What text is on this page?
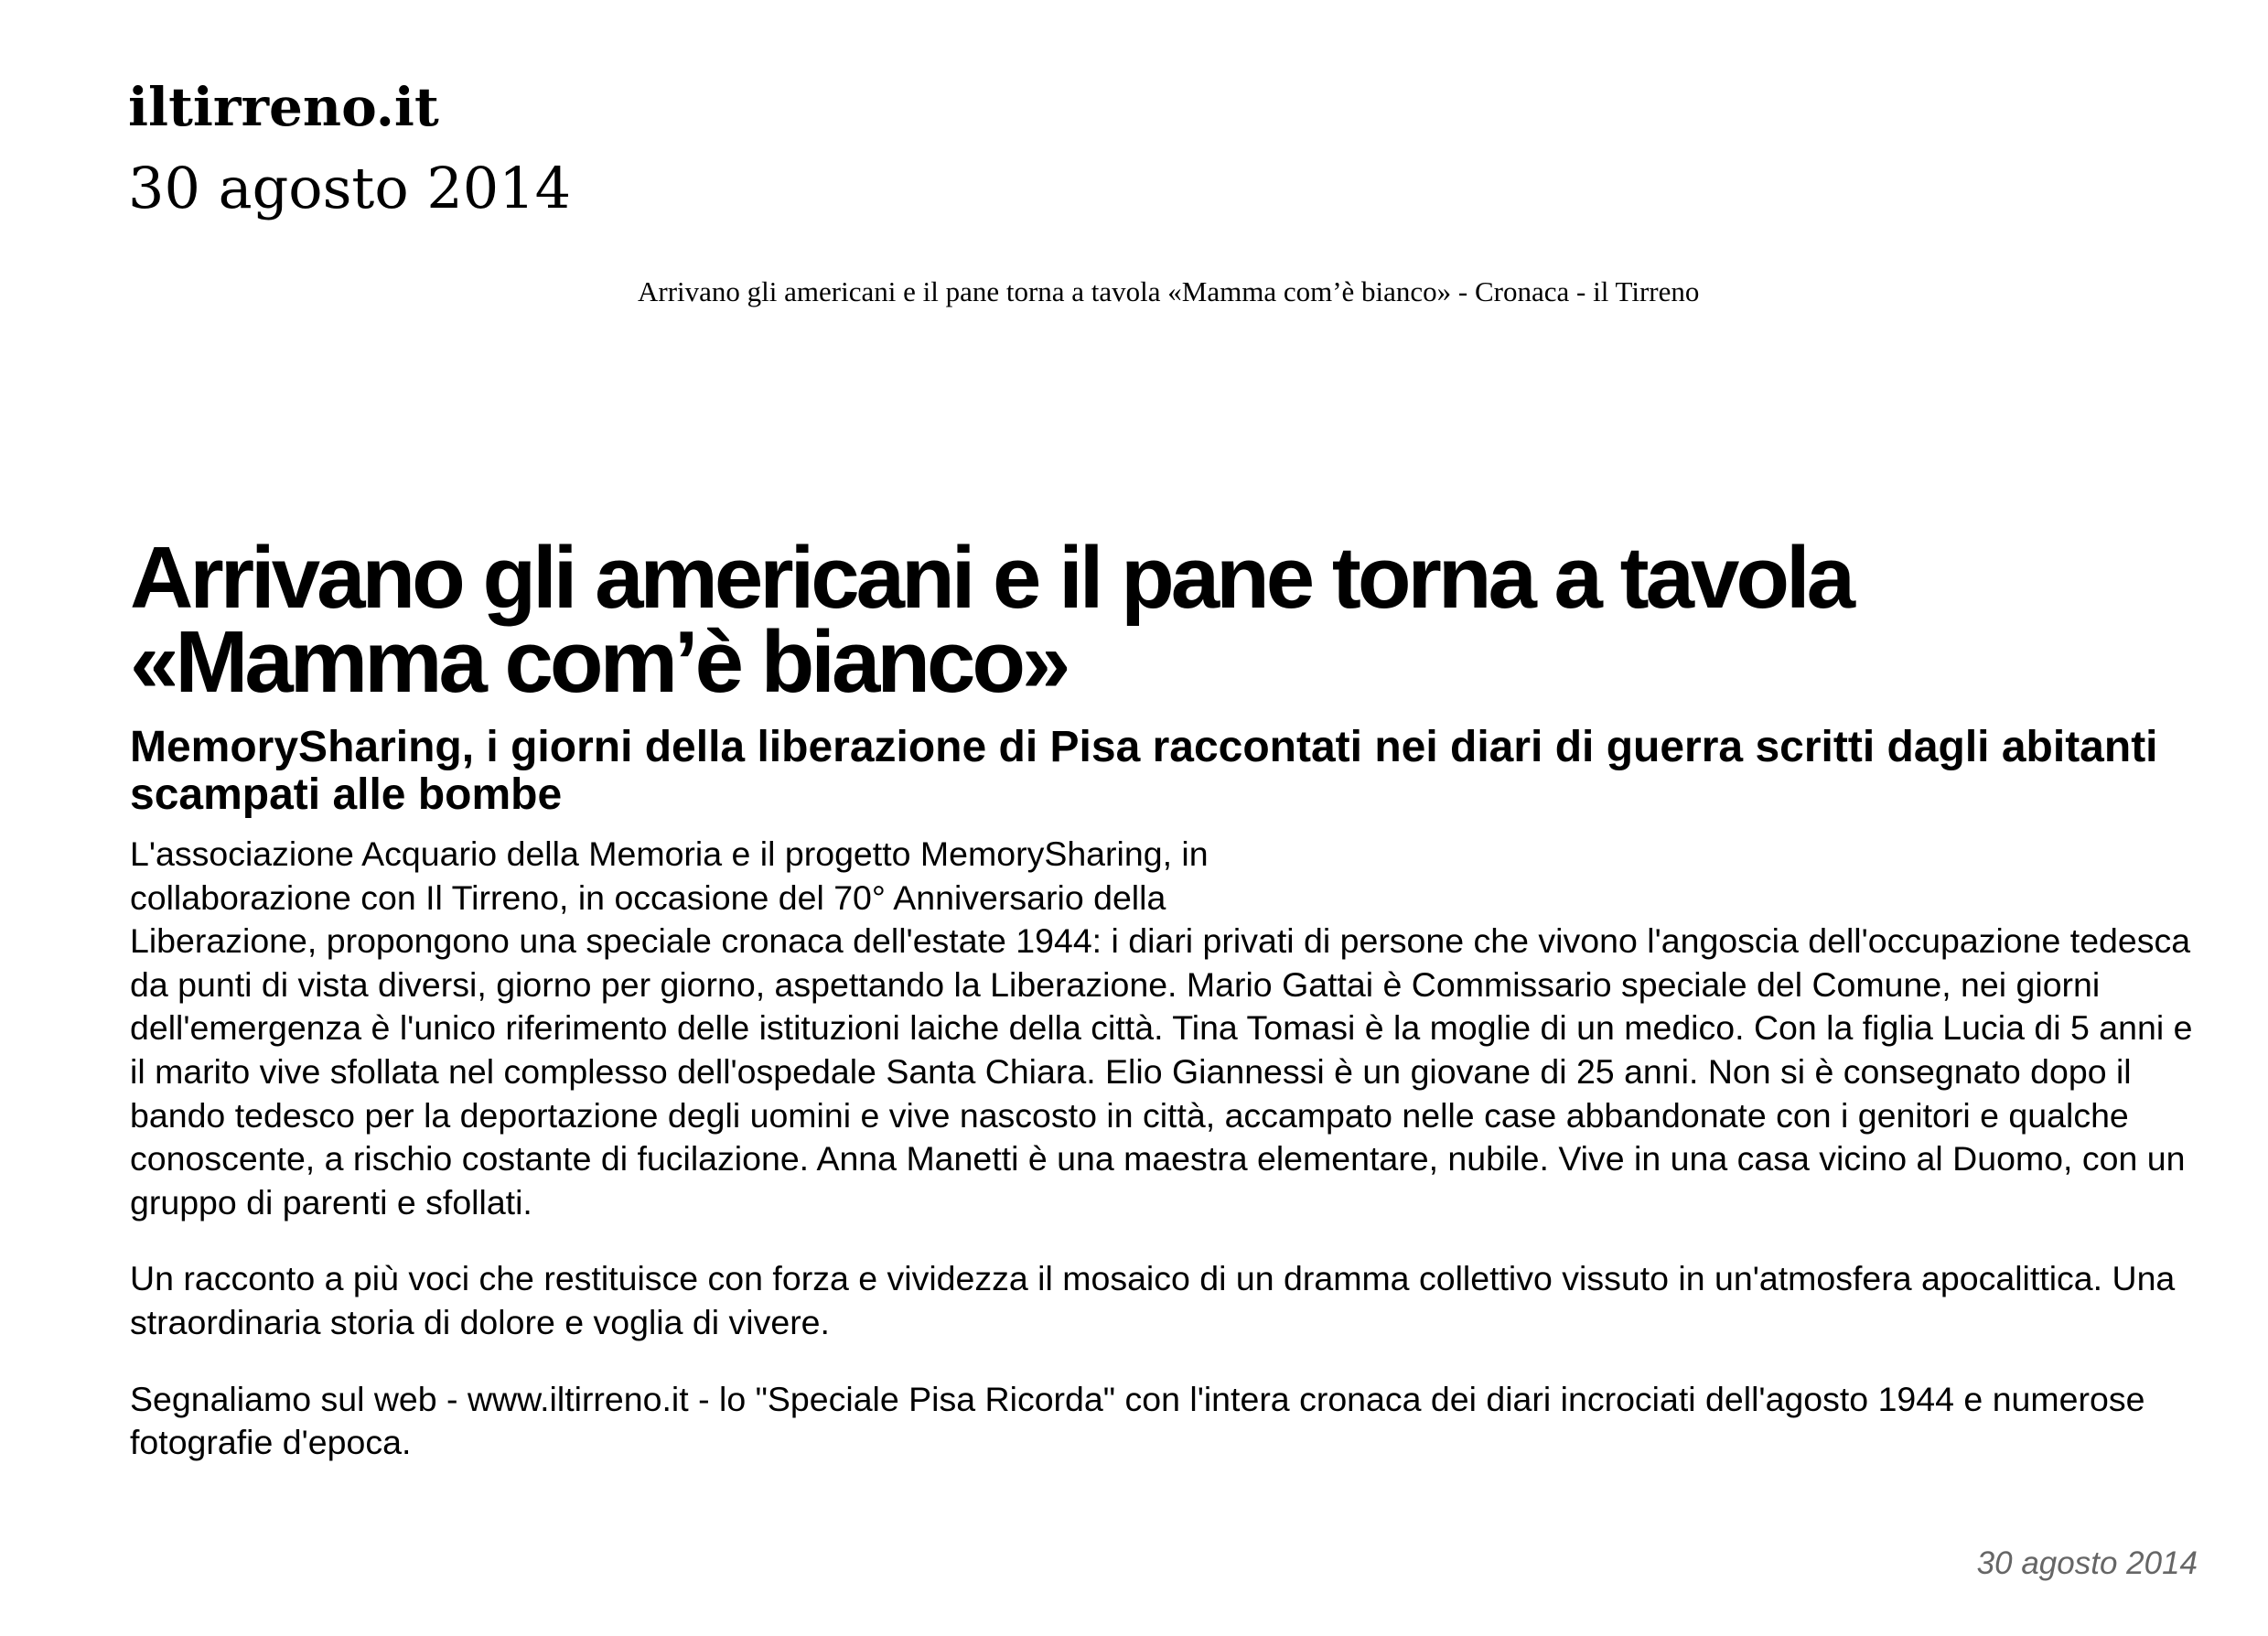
iltirreno.it
30 agosto 2014
Arrivano gli americani e il pane torna a tavola «Mamma com’è bianco» - Cronaca - il Tirreno
Arrivano gli americani e il pane torna a tavola «Mamma com’è bianco»
MemorySharing, i giorni della liberazione di Pisa raccontati nei diari di guerra scritti dagli abitanti scampati alle bombe

L'associazione Acquario della Memoria e il progetto MemorySharing, in
collaborazione con Il Tirreno, in occasione del 70° Anniversario della
Liberazione, propongono una speciale cronaca dell'estate 1944: i diari privati di persone che vivono l'angoscia dell'occupazione tedesca da punti di vista diversi, giorno per giorno, aspettando la Liberazione. Mario Gattai è Commissario speciale del Comune, nei giorni dell'emergenza è l'unico riferimento delle istituzioni laiche della città. Tina Tomasi è la moglie di un medico. Con la figlia Lucia di 5 anni e il marito vive sfollata nel complesso dell'ospedale Santa Chiara. Elio Giannessi è un giovane di 25 anni. Non si è consegnato dopo il bando tedesco per la deportazione degli uomini e vive nascosto in città, accampato nelle case abbandonate con i genitori e qualche conoscente, a rischio costante di fucilazione. Anna Manetti è una maestra elementare, nubile. Vive in una casa vicino al Duomo, con un gruppo di parenti e sfollati.

Un racconto a più voci che restituisce con forza e vividezza il mosaico di un dramma collettivo vissuto in un'atmosfera apocalittica. Una straordinaria storia di dolore e voglia di vivere.

Segnaliamo sul web - www.iltirreno.it - lo "Speciale Pisa Ricorda" con l'intera cronaca dei diari incrociati dell'agosto 1944 e numerose fotografie d'epoca.

30 agosto 2014
